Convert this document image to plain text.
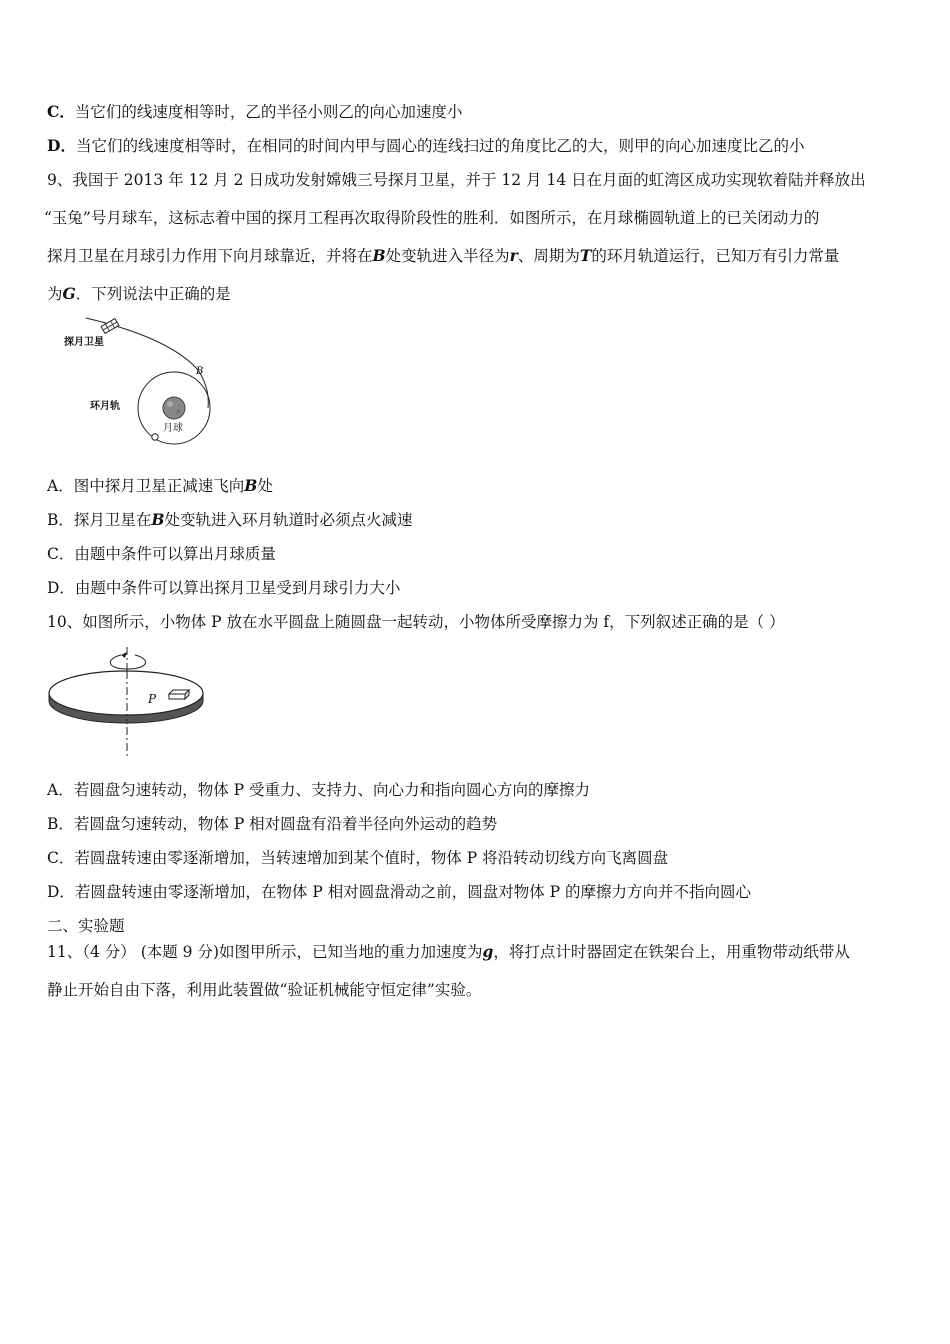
C．当它们的线速度相等时，乙的半径小则乙的向心加速度小
D．当它们的线速度相等时，在相同的时间内甲与圆心的连线扫过的角度比乙的大，则甲的向心加速度比乙的小
9、我国于 2013 年 12 月 2 日成功发射嫦娥三号探月卫星，并于 12 月 14 日在月面的虹湾区成功实现软着陆并释放出
“玉兔”号月球车，这标志着中国的探月工程再次取得阶段性的胜利．如图所示，在月球椭圆轨道上的已关闭动力的
探月卫星在月球引力作用下向月球靠近，并将在B处变轨进入半径为r、周期为T的环月轨道运行，已知万有引力常量
为G．下列说法中正确的是
探月卫星
B
环月轨
月球
A．图中探月卫星正减速飞向B处
B．探月卫星在B处变轨进入环月轨道时必须点火减速
C．由题中条件可以算出月球质量
D．由题中条件可以算出探月卫星受到月球引力大小
10、如图所示，小物体 P 放在水平圆盘上随圆盘一起转动，小物体所受摩擦力为 f，下列叙述正确的是（ ）
P
A．若圆盘匀速转动，物体 P 受重力、支持力、向心力和指向圆心方向的摩擦力
B．若圆盘匀速转动，物体 P 相对圆盘有沿着半径向外运动的趋势
C．若圆盘转速由零逐渐增加，当转速增加到某个值时，物体 P 将沿转动切线方向飞离圆盘
D．若圆盘转速由零逐渐增加，在物体 P 相对圆盘滑动之前，圆盘对物体 P 的摩擦力方向并不指向圆心
二、实验题
11、（4 分） (本题 9 分)如图甲所示，已知当地的重力加速度为g，将打点计时器固定在铁架台上，用重物带动纸带从
静止开始自由下落，利用此装置做“验证机械能守恒定律”实验。
